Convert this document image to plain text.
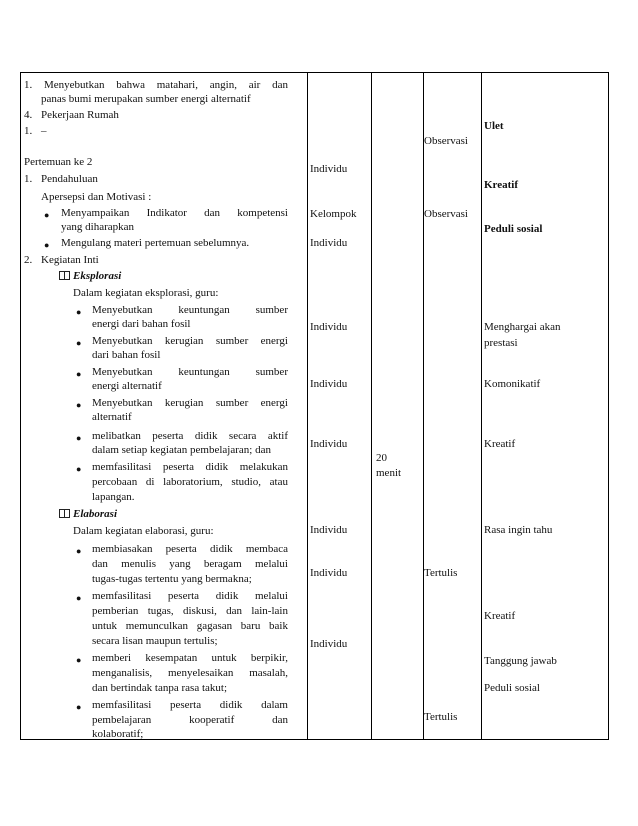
1. Menyebutkan bahwa matahari, angin, air dan
panas bumi merupakan sumber energi alternatif
4. Pekerjaan Rumah
1. –
Pertemuan ke 2
1. Pendahuluan
Apersepsi dan Motivasi :
● Menyampaikan Indikator dan kompetensi
yang diharapkan
● Mengulang materi pertemuan sebelumnya.
2. Kegiatan Inti
Eksplorasi
Dalam kegiatan eksplorasi, guru:
● Menyebutkan keuntungan sumber
energi dari bahan fosil
● Menyebutkan kerugian sumber energi
dari bahan fosil
● Menyebutkan keuntungan sumber
energi alternatif
● Menyebutkan kerugian sumber energi
alternatif
● melibatkan peserta didik secara aktif
dalam setiap kegiatan pembelajaran; dan
● memfasilitasi peserta didik melakukan
percobaan di laboratorium, studio, atau
lapangan.
Elaborasi
Dalam kegiatan elaborasi, guru:
● membiasakan peserta didik membaca
dan menulis yang beragam melalui
tugas-tugas tertentu yang bermakna;
● memfasilitasi peserta didik melalui
pemberian tugas, diskusi, dan lain-lain
untuk memunculkan gagasan baru baik
secara lisan maupun tertulis;
● memberi kesempatan untuk berpikir,
menganalisis, menyelesaikan masalah,
dan bertindak tanpa rasa takut;
● memfasilitasi peserta didik dalam
pembelajaran	kooperatif	dan
kolaboratif;
Individu
Kelompok
Individu
Individu
Individu
Individu
Individu
Individu
Individu
20
menit
Observasi
Observasi
Tertulis
Tertulis
Ulet
Kreatif
Peduli sosial
Menghargai akan
prestasi
Komonikatif
Kreatif
Rasa ingin tahu
Kreatif
Tanggung jawab
Peduli sosial
